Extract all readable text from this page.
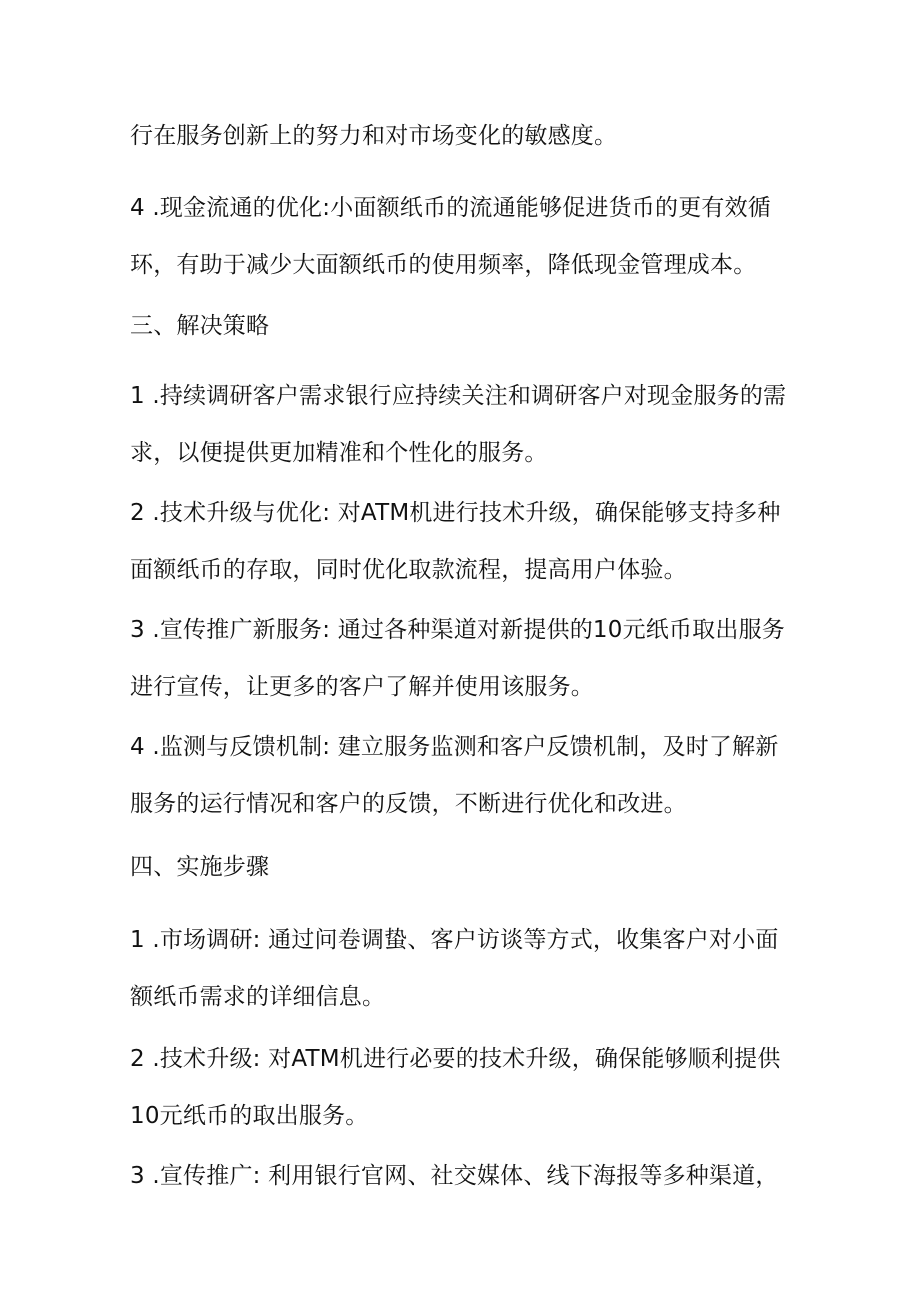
行在服务创新上的努力和对市场变化的敏感度。

4 .现金流通的优化:小面额纸币的流通能够促进货币的更有效循
环，有助于减少大面额纸币的使用频率，降低现金管理成本。

三、解决策略

1 .持续调研客户需求银行应持续关注和调研客户对现金服务的需
求，以便提供更加精准和个性化的服务。

2 .技术升级与优化: 对ATM机进行技术升级，确保能够支持多种
面额纸币的存取，同时优化取款流程，提高用户体验。

3 .宣传推广新服务: 通过各种渠道对新提供的10元纸币取出服务
进行宣传，让更多的客户了解并使用该服务。

4 .监测与反馈机制: 建立服务监测和客户反馈机制，及时了解新
服务的运行情况和客户的反馈，不断进行优化和改进。

四、实施步骤

1 .市场调研: 通过问卷调蛰、客户访谈等方式，收集客户对小面
额纸币需求的详细信息。

2 .技术升级: 对ATM机进行必要的技术升级，确保能够顺利提供
10元纸币的取出服务。

3 .宣传推广: 利用银行官网、社交媒体、线下海报等多种渠道，
